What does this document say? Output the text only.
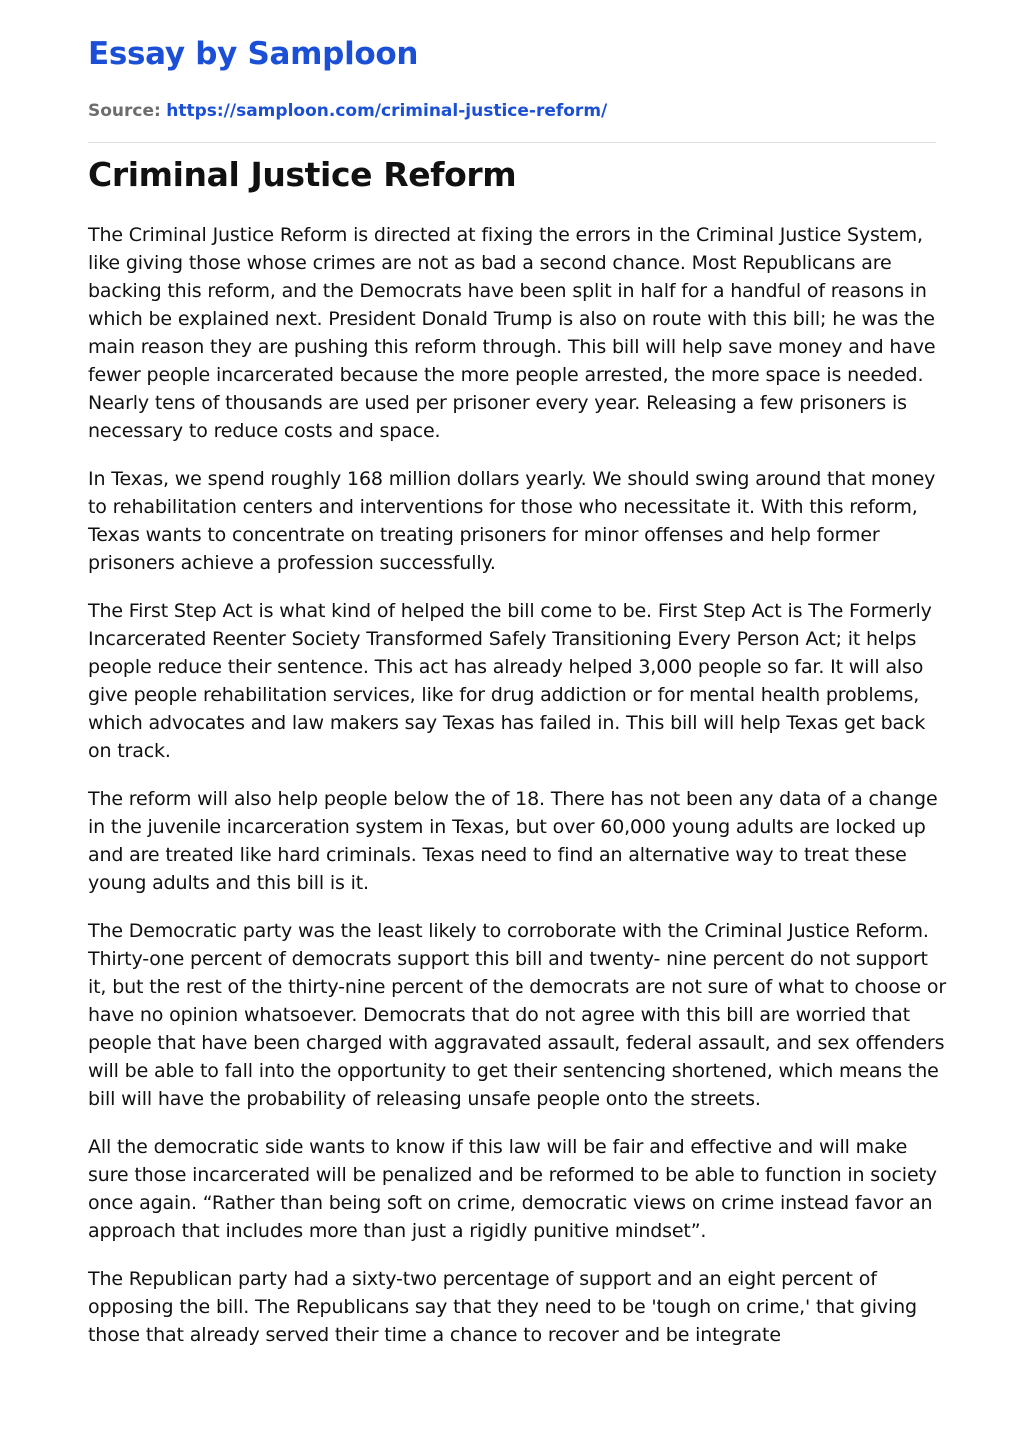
Essay by Samploon
Source: https://samploon.com/criminal-justice-reform/
Criminal Justice Reform

The Criminal Justice Reform is directed at fixing the errors in the Criminal Justice System, like giving those whose crimes are not as bad a second chance. Most Republicans are backing this reform, and the Democrats have been split in half for a handful of reasons in which be explained next. President Donald Trump is also on route with this bill; he was the main reason they are pushing this reform through. This bill will help save money and have fewer people incarcerated because the more people arrested, the more space is needed. Nearly tens of thousands are used per prisoner every year. Releasing a few prisoners is necessary to reduce costs and space.

In Texas, we spend roughly 168 million dollars yearly. We should swing around that money to rehabilitation centers and interventions for those who necessitate it. With this reform, Texas wants to concentrate on treating prisoners for minor offenses and help former prisoners achieve a profession successfully.

The First Step Act is what kind of helped the bill come to be. First Step Act is The Formerly Incarcerated Reenter Society Transformed Safely Transitioning Every Person Act; it helps people reduce their sentence. This act has already helped 3,000 people so far. It will also give people rehabilitation services, like for drug addiction or for mental health problems, which advocates and law makers say Texas has failed in. This bill will help Texas get back on track.

The reform will also help people below the of 18. There has not been any data of a change in the juvenile incarceration system in Texas, but over 60,000 young adults are locked up and are treated like hard criminals. Texas need to find an alternative way to treat these young adults and this bill is it.

The Democratic party was the least likely to corroborate with the Criminal Justice Reform. Thirty-one percent of democrats support this bill and twenty- nine percent do not support it, but the rest of the thirty-nine percent of the democrats are not sure of what to choose or have no opinion whatsoever. Democrats that do not agree with this bill are worried that people that have been charged with aggravated assault, federal assault, and sex offenders will be able to fall into the opportunity to get their sentencing shortened, which means the bill will have the probability of releasing unsafe people onto the streets.

All the democratic side wants to know if this law will be fair and effective and will make sure those incarcerated will be penalized and be reformed to be able to function in society once again. “Rather than being soft on crime, democratic views on crime instead favor an approach that includes more than just a rigidly punitive mindset”.

The Republican party had a sixty-two percentage of support and an eight percent of opposing the bill. The Republicans say that they need to be 'tough on crime,' that giving those that already served their time a chance to recover and be integrate
